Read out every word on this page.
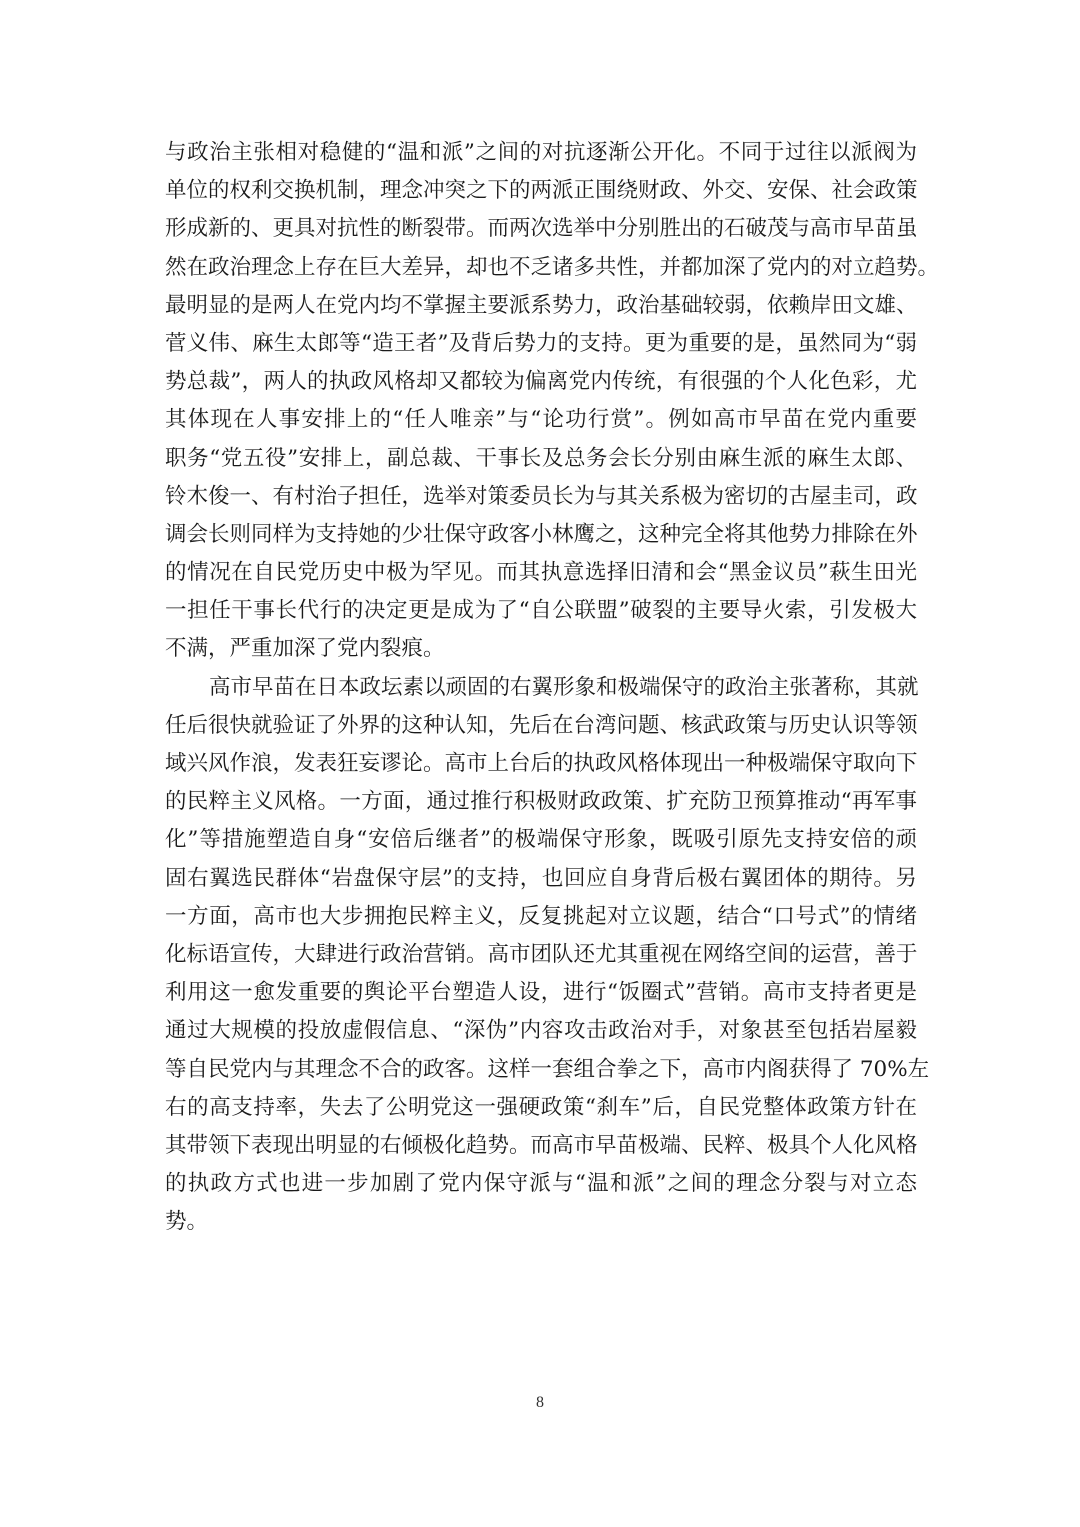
与政治主张相对稳健的“温和派”之间的对抗逐渐公开化。不同于过往以派阀为
单位的权利交换机制，理念冲突之下的两派正围绕财政、外交、安保、社会政策
形成新的、更具对抗性的断裂带。而两次选举中分别胜出的石破茂与高市早苗虽
然在政治理念上存在巨大差异，却也不乏诸多共性，并都加深了党内的对立趋势。
最明显的是两人在党内均不掌握主要派系势力，政治基础较弱，依赖岸田文雄、
菅义伟、麻生太郎等“造王者”及背后势力的支持。更为重要的是，虽然同为“弱
势总裁”，两人的执政风格却又都较为偏离党内传统，有很强的个人化色彩，尤
其体现在人事安排上的“任人唯亲”与“论功行赏”。例如高市早苗在党内重要
职务“党五役”安排上，副总裁、干事长及总务会长分别由麻生派的麻生太郎、
铃木俊一、有村治子担任，选举对策委员长为与其关系极为密切的古屋圭司，政
调会长则同样为支持她的少壮保守政客小林鹰之，这种完全将其他势力排除在外
的情况在自民党历史中极为罕见。而其执意选择旧清和会“黑金议员”萩生田光
一担任干事长代行的决定更是成为了“自公联盟”破裂的主要导火索，引发极大
不满，严重加深了党内裂痕。
高市早苗在日本政坛素以顽固的右翼形象和极端保守的政治主张著称，其就
任后很快就验证了外界的这种认知，先后在台湾问题、核武政策与历史认识等领
域兴风作浪，发表狂妄谬论。高市上台后的执政风格体现出一种极端保守取向下
的民粹主义风格。一方面，通过推行积极财政政策、扩充防卫预算推动“再军事
化”等措施塑造自身“安倍后继者”的极端保守形象，既吸引原先支持安倍的顽
固右翼选民群体“岩盘保守层”的支持，也回应自身背后极右翼团体的期待。另
一方面，高市也大步拥抱民粹主义，反复挑起对立议题，结合“口号式”的情绪
化标语宣传，大肆进行政治营销。高市团队还尤其重视在网络空间的运营，善于
利用这一愈发重要的舆论平台塑造人设，进行“饭圈式”营销。高市支持者更是
通过大规模的投放虚假信息、“深伪”内容攻击政治对手，对象甚至包括岩屋毅
等自民党内与其理念不合的政客。这样一套组合拳之下，高市内阁获得了 70%左
右的高支持率，失去了公明党这一强硬政策“刹车”后，自民党整体政策方针在
其带领下表现出明显的右倾极化趋势。而高市早苗极端、民粹、极具个人化风格
的执政方式也进一步加剧了党内保守派与“温和派”之间的理念分裂与对立态
势。
8
